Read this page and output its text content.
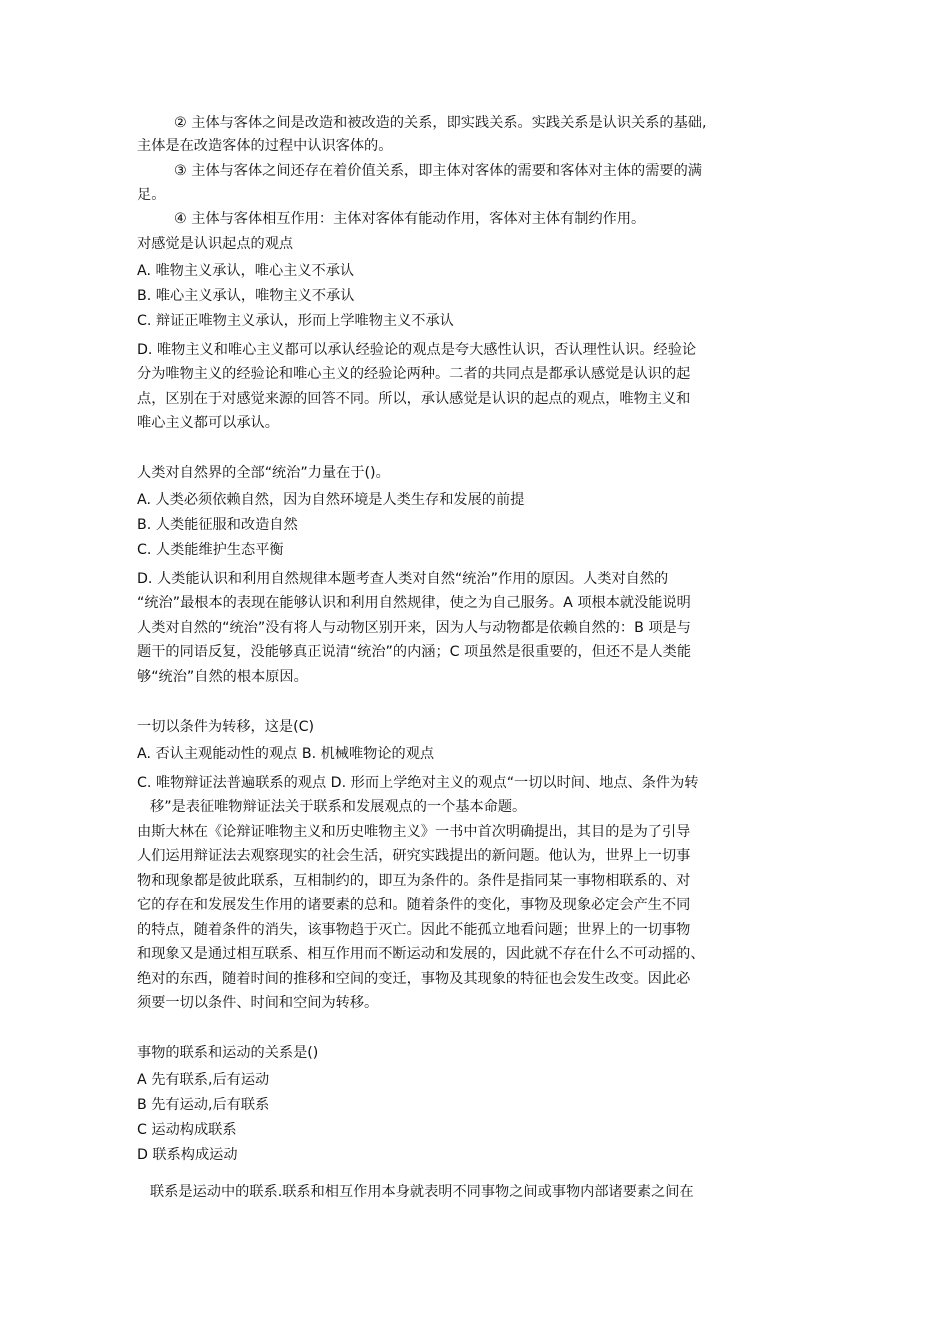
② 主体与客体之间是改造和被改造的关系，即实践关系。实践关系是认识关系的基础,
主体是在改造客体的过程中认识客体的。
③ 主体与客体之间还存在着价值关系，即主体对客体的需要和客体对主体的需要的满
足。
④ 主体与客体相互作用：主体对客体有能动作用，客体对主体有制约作用。
对感觉是认识起点的观点
A. 唯物主义承认，唯心主义不承认
B. 唯心主义承认，唯物主义不承认
C. 辩证正唯物主义承认，形而上学唯物主义不承认
D. 唯物主义和唯心主义都可以承认经验论的观点是夸大感性认识，否认理性认识。经验论
分为唯物主义的经验论和唯心主义的经验论两种。二者的共同点是都承认感觉是认识的起
点，区别在于对感觉来源的回答不同。所以，承认感觉是认识的起点的观点，唯物主义和
唯心主义都可以承认。
人类对自然界的全部“统治”力量在于()。
A. 人类必须依赖自然，因为自然环境是人类生存和发展的前提
B. 人类能征服和改造自然
C. 人类能维护生态平衡
D. 人类能认识和利用自然规律本题考查人类对自然“统治”作用的原因。人类对自然的
“统治”最根本的表现在能够认识和利用自然规律，使之为自己服务。A 项根本就没能说明
人类对自然的“统治”没有将人与动物区别开来，因为人与动物都是依赖自然的：B 项是与
题干的同语反复，没能够真正说清“统治”的内涵；C 项虽然是很重要的，但还不是人类能
够“统治”自然的根本原因。
一切以条件为转移，这是(C)
A. 否认主观能动性的观点 B. 机械唯物论的观点
C. 唯物辩证法普遍联系的观点 D. 形而上学绝对主义的观点“一切以时间、地点、条件为转
移”是表征唯物辩证法关于联系和发展观点的一个基本命题。
由斯大林在《论辩证唯物主义和历史唯物主义》一书中首次明确提出，其目的是为了引导
人们运用辩证法去观察现实的社会生活，研究实践提出的新问题。他认为，世界上一切事
物和现象都是彼此联系，互相制约的，即互为条件的。条件是指同某一事物相联系的、对
它的存在和发展发生作用的诸要素的总和。随着条件的变化，事物及现象必定会产生不同
的特点，随着条件的消失，该事物趋于灭亡。因此不能孤立地看问题；世界上的一切事物
和现象又是通过相互联系、相互作用而不断运动和发展的，因此就不存在什么不可动摇的、
绝对的东西，随着时间的推移和空间的变迁，事物及其现象的特征也会发生改变。因此必
须要一切以条件、时间和空间为转移。
事物的联系和运动的关系是()
A 先有联系,后有运动
B 先有运动,后有联系
C 运动构成联系
D 联系构成运动
联系是运动中的联系.联系和相互作用本身就表明不同事物之间或事物内部诸要素之间在
